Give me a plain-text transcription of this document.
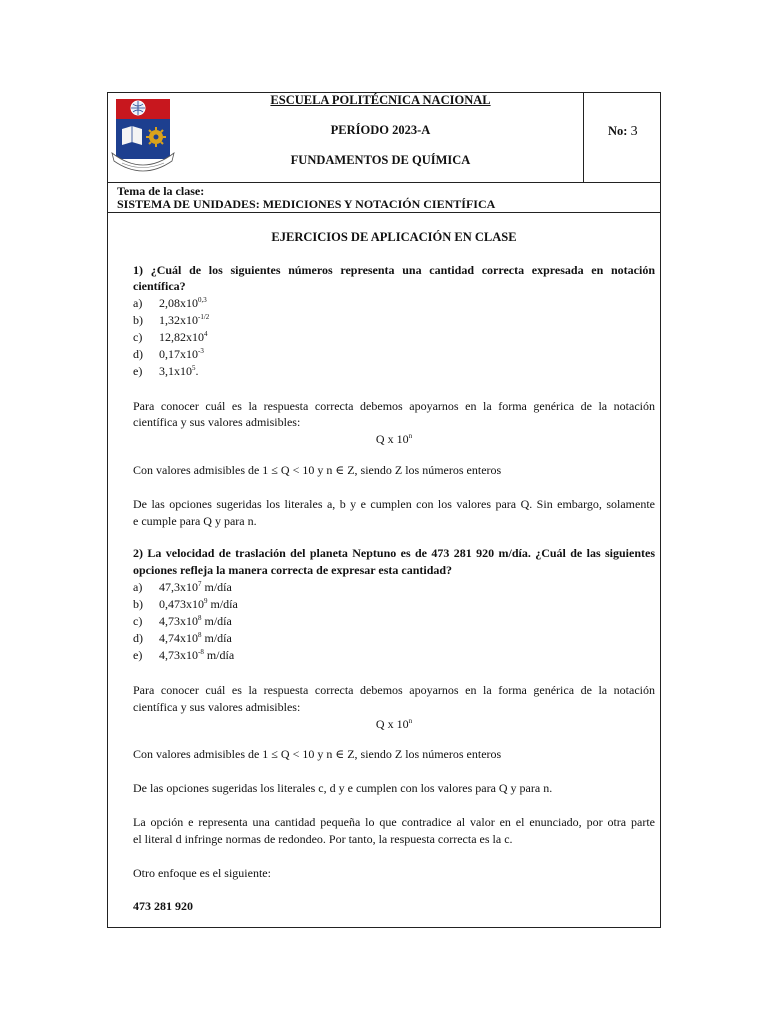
ESCUELA POLITÉCNICA NACIONAL
PERÍODO 2023-A
FUNDAMENTOS DE QUÍMICA
No: 3
Tema de la clase:
SISTEMA DE UNIDADES: MEDICIONES Y NOTACIÓN CIENTÍFICA
EJERCICIOS DE APLICACIÓN EN CLASE
1) ¿Cuál de los siguientes números representa una cantidad correcta expresada en notación
científica?
a) 2,08x10$^{0,3}$
b) $1,32x10^{-1/2}$
c) $12,82x10^4$
d) $0,17x10^{-3}$
e) $3,1x10^5$.
Para conocer cuál es la respuesta correcta debemos apoyarnos en la forma genérica de la notación
científica y sus valores admisibles:
Q x 10$^n$
Con valores admisibles de 1 ≤ Q < 10 y n ∈ Z, siendo Z los números enteros
De las opciones sugeridas los literales a, b y e cumplen con los valores para Q. Sin embargo, solamente
e cumple para Q y para n.
2) La velocidad de traslación del planeta Neptuno es de 473 281 920 m/día. ¿Cuál de las siguientes
opciones refleja la manera correcta de expresar esta cantidad?
a) $47,3x10^7$ m/día
b) $0,473x10^9$ m/día
c) $4,73x10^8$ m/día
d) $4,74x10^8$ m/día
e) $4,73x10^{-8}$ m/día
Para conocer cuál es la respuesta correcta debemos apoyarnos en la forma genérica de la notación
científica y sus valores admisibles:
Q x 10$^n$
Con valores admisibles de 1 ≤ Q < 10 y n ∈ Z, siendo Z los números enteros
De las opciones sugeridas los literales c, d y e cumplen con los valores para Q y para n.
La opción e representa una cantidad pequeña lo que contradice al valor en el enunciado, por otra parte
el literal d infringe normas de redondeo. Por tanto, la respuesta correcta es la c.
Otro enfoque es el siguiente:
473 281 920
